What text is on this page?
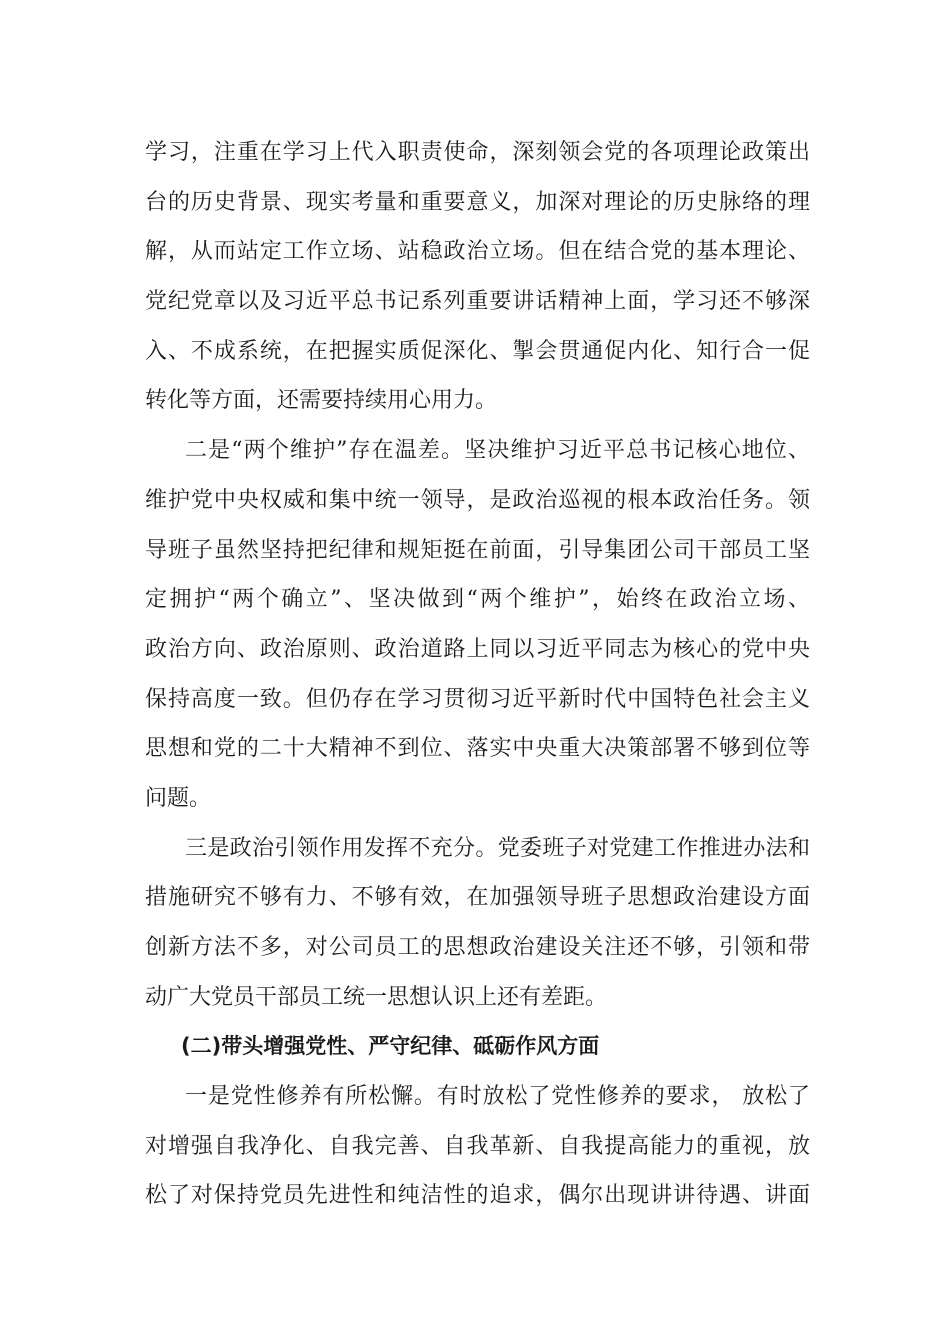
学习，注重在学习上代入职责使命，深刻领会党的各项理论政策出
台的历史背景、现实考量和重要意义，加深对理论的历史脉络的理
解，从而站定工作立场、站稳政治立场。但在结合党的基本理论、
党纪党章以及习近平总书记系列重要讲话精神上面，学习还不够深
入、不成系统，在把握实质促深化、掣会贯通促内化、知行合一促
转化等方面，还需要持续用心用力。
二是“两个维护”存在温差。坚决维护习近平总书记核心地位、
维护党中央权威和集中统一领导，是政治巡视的根本政治任务。领
导班子虽然坚持把纪律和规矩挺在前面，引导集团公司干部员工坚
定拥护“两个确立”、坚决做到“两个维护”，始终在政治立场、
政治方向、政治原则、政治道路上同以习近平同志为核心的党中央
保持高度一致。但仍存在学习贯彻习近平新时代中国特色社会主义
思想和党的二十大精神不到位、落实中央重大决策部署不够到位等
问题。
三是政治引领作用发挥不充分。党委班子对党建工作推进办法和
措施研究不够有力、不够有效，在加强领导班子思想政治建设方面
创新方法不多，对公司员工的思想政治建设关注还不够，引领和带
动广大党员干部员工统一思想认识上还有差距。
(二)带头增强党性、严守纪律、砥砺作风方面
一是党性修养有所松懈。有时放松了党性修养的要求， 放松了
对增强自我净化、自我完善、自我革新、自我提高能力的重视，放
松了对保持党员先进性和纯洁性的追求，偶尔出现讲讲待遇、讲面
